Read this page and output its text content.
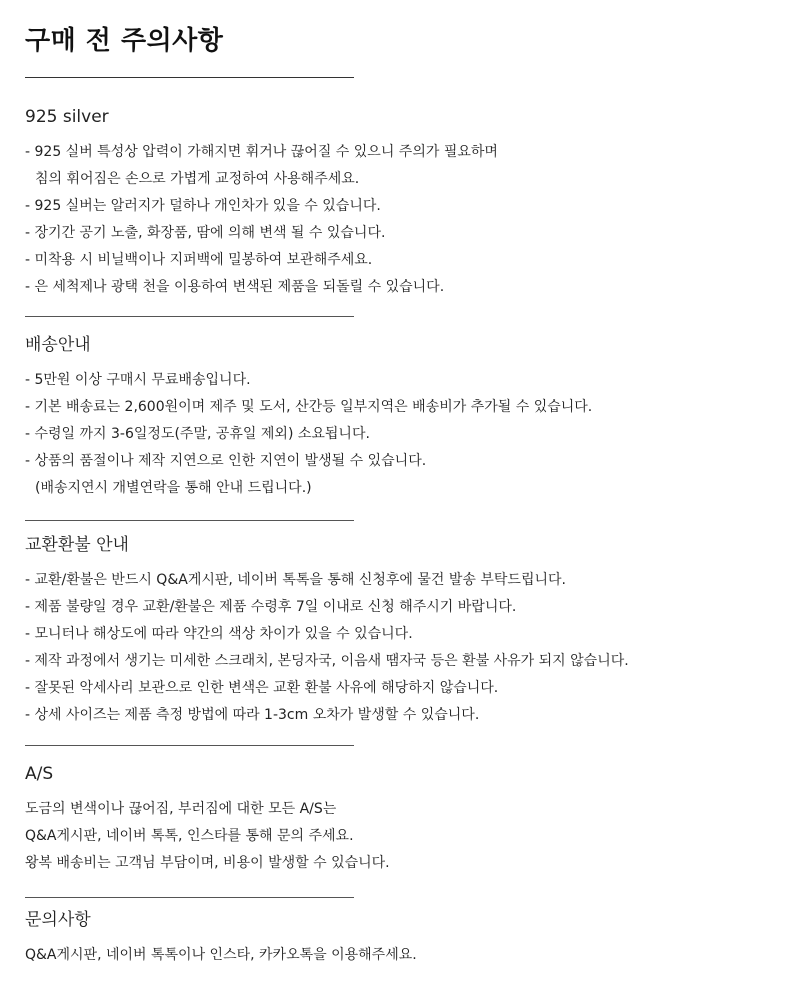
구매 전 주의사항
925 silver
- 925 실버 특성상 압력이 가해지면 휘거나 끊어질 수 있으니 주의가 필요하며
침의 휘어짐은 손으로 가볍게 교정하여 사용해주세요.
- 925 실버는 알러지가 덜하나 개인차가 있을 수 있습니다.
- 장기간 공기 노출, 화장품, 땀에 의해 변색 될 수 있습니다.
- 미착용 시 비닐백이나 지퍼백에 밀봉하여 보관해주세요.
- 은 세척제나 광택 천을 이용하여 변색된 제품을 되돌릴 수 있습니다.
배송안내
- 5만원 이상 구매시 무료배송입니다.
- 기본 배송료는 2,600원이며 제주 및 도서, 산간등 일부지역은 배송비가 추가될 수 있습니다.
- 수령일 까지 3-6일정도(주말, 공휴일 제외) 소요됩니다.
- 상품의 품절이나 제작 지연으로 인한 지연이 발생될 수 있습니다.
(배송지연시 개별연락을 통해 안내 드립니다.)
교환환불 안내
- 교환/환불은 반드시 Q&A게시판, 네이버 톡톡을 통해 신청후에 물건 발송 부탁드립니다.
- 제품 불량일 경우 교환/환불은 제품 수령후 7일 이내로 신청 해주시기 바랍니다.
- 모니터나 해상도에 따라 약간의 색상 차이가 있을 수 있습니다.
- 제작 과정에서 생기는 미세한 스크래치, 본딩자국, 이음새 땜자국 등은 환불 사유가 되지 않습니다.
- 잘못된 악세사리 보관으로 인한 변색은 교환 환불 사유에 해당하지 않습니다.
- 상세 사이즈는 제품 측정 방법에 따라 1-3cm 오차가 발생할 수 있습니다.
A/S
도금의 변색이나 끊어짐, 부러짐에 대한 모든 A/S는
Q&A게시판, 네이버 톡톡, 인스타를 통해 문의 주세요.
왕복 배송비는 고객님 부담이며, 비용이 발생할 수 있습니다.
문의사항
Q&A게시판, 네이버 톡톡이나 인스타, 카카오톡을 이용해주세요.
